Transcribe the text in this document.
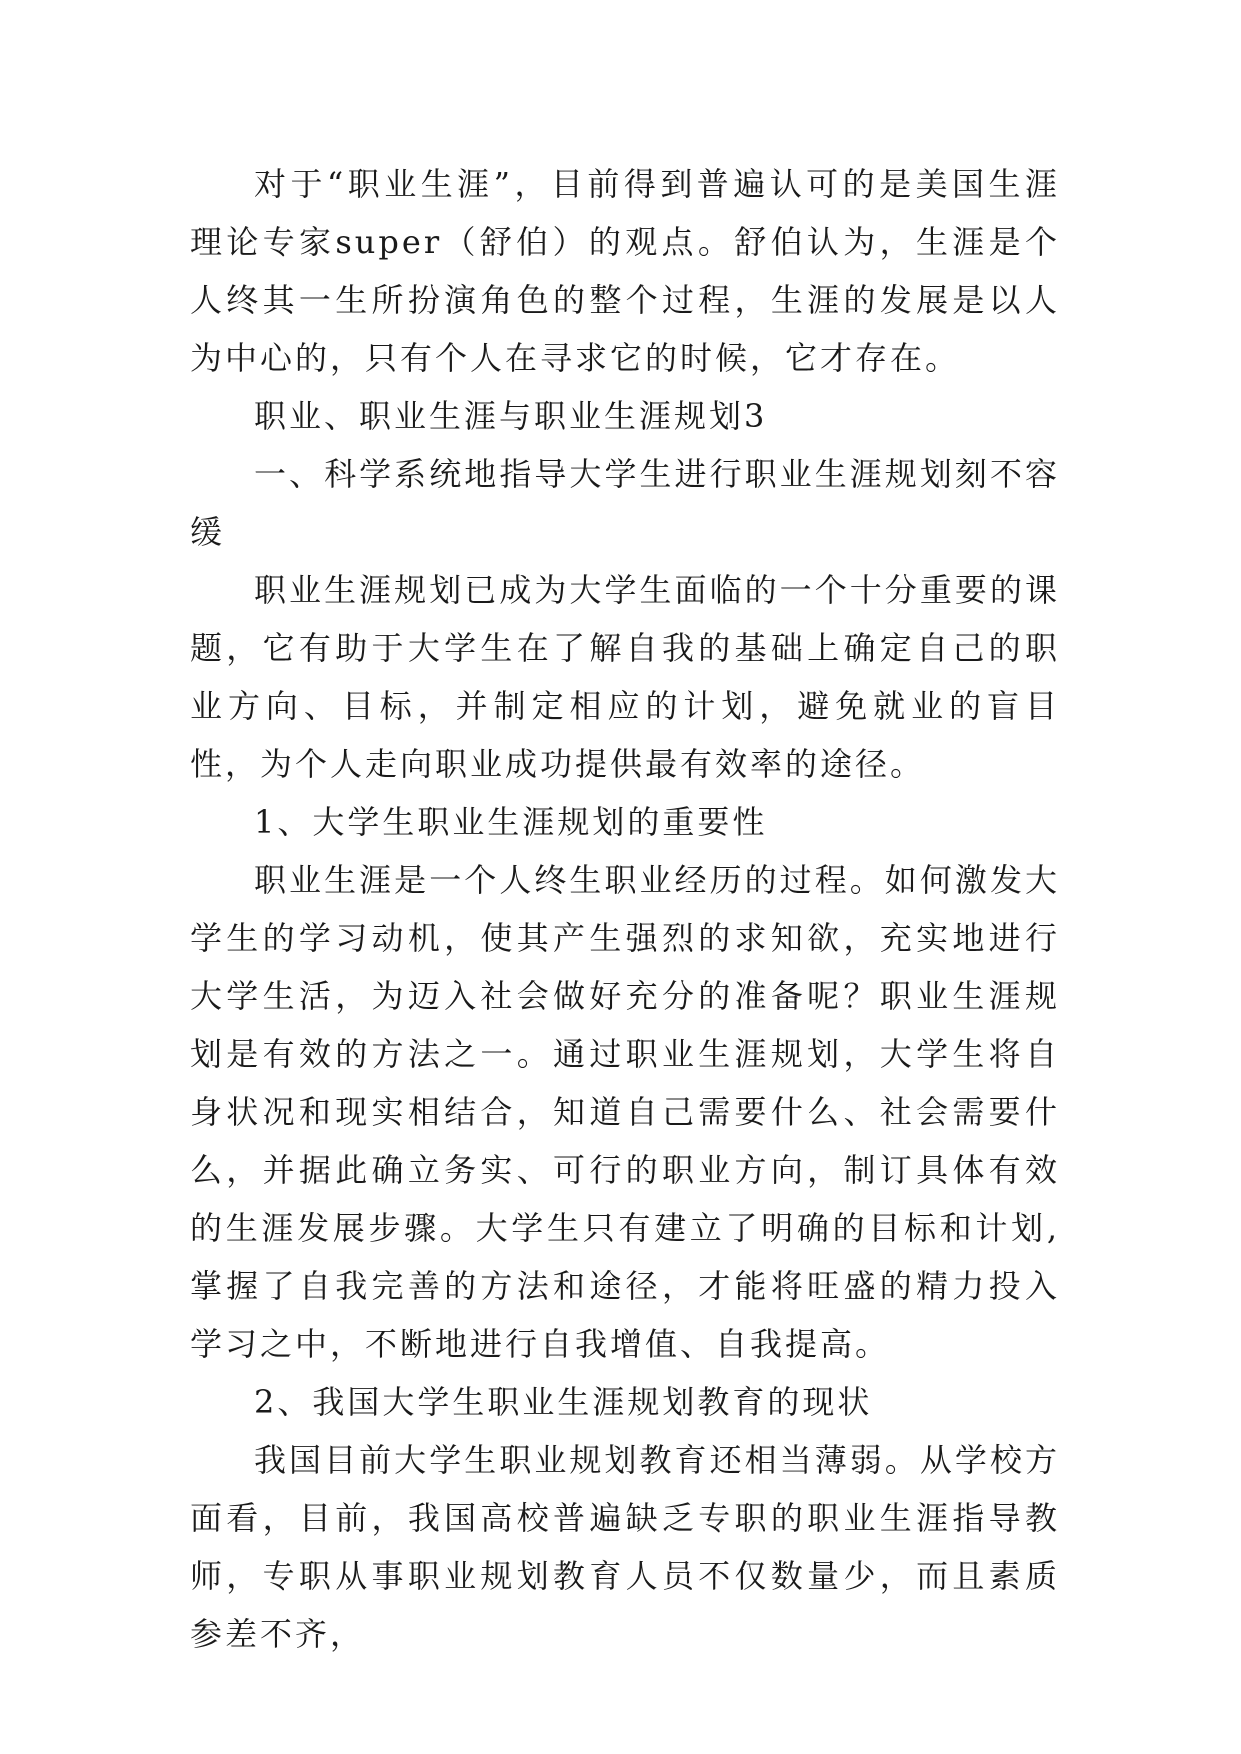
对于“职业生涯”，目前得到普遍认可的是美国生涯理论专家super（舒伯）的观点。舒伯认为，生涯是个人终其一生所扮演角色的整个过程，生涯的发展是以人为中心的，只有个人在寻求它的时候，它才存在。

职业、职业生涯与职业生涯规划3

一、科学系统地指导大学生进行职业生涯规划刻不容缓

职业生涯规划已成为大学生面临的一个十分重要的课题，它有助于大学生在了解自我的基础上确定自己的职业方向、目标，并制定相应的计划，避免就业的盲目性，为个人走向职业成功提供最有效率的途径。

1、大学生职业生涯规划的重要性

职业生涯是一个人终生职业经历的过程。如何激发大学生的学习动机，使其产生强烈的求知欲，充实地进行大学生活，为迈入社会做好充分的准备呢？职业生涯规划是有效的方法之一。通过职业生涯规划，大学生将自身状况和现实相结合，知道自己需要什么、社会需要什么，并据此确立务实、可行的职业方向，制订具体有效的生涯发展步骤。大学生只有建立了明确的目标和计划,掌握了自我完善的方法和途径，才能将旺盛的精力投入学习之中，不断地进行自我增值、自我提高。

2、我国大学生职业生涯规划教育的现状

我国目前大学生职业规划教育还相当薄弱。从学校方面看，目前，我国高校普遍缺乏专职的职业生涯指导教师，专职从事职业规划教育人员不仅数量少，而且素质参差不齐，
